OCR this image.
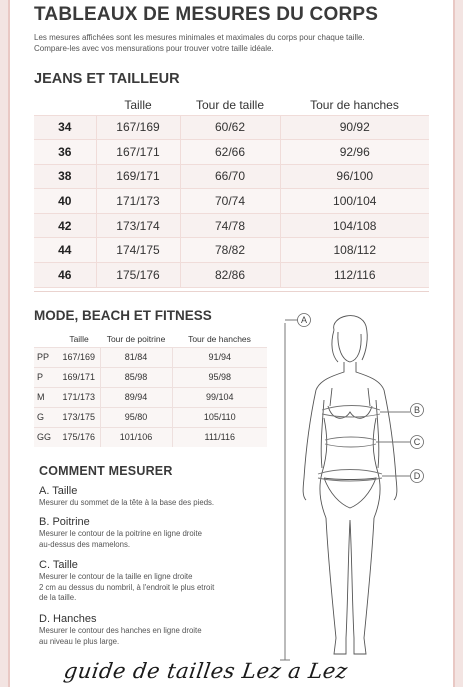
TABLEAUX DE MESURES DU CORPS
Les mesures affichées sont les mesures minimales et maximales du corps pour chaque taille.
Compare-les avec vos mensurations pour trouver votre taille idéale.
JEANS ET TAILLEUR
	Taille	Tour de taille	Tour de hanches
34	167/169	60/62	90/92
36	167/171	62/66	92/96
38	169/171	66/70	96/100
40	171/173	70/74	100/104
42	173/174	74/78	104/108
44	174/175	78/82	108/112
46	175/176	82/86	112/116
MODE, BEACH ET FITNESS
	Taille	Tour de poitrine	Tour de hanches
PP	167/169	81/84	91/94
P	169/171	85/98	95/98
M	171/173	89/94	99/104
G	173/175	95/80	105/110
GG	175/176	101/106	111/116
COMMENT MESURER
A. Taille
Mesurer du sommet de la tête à la base des pieds.
B. Poitrine
Mesurer le contour de la poitrine en ligne droite
au-dessus des mamelons.
C. Taille
Mesurer le contour de la taille en ligne droite
2 cm au dessus du nombril, à l'endroit le plus etroit
de la taille.
D. Hanches
Mesurer le contour des hanches en ligne droite
au niveau le plus large.
A
B
C
D
guide de tailles Lez a Lez
